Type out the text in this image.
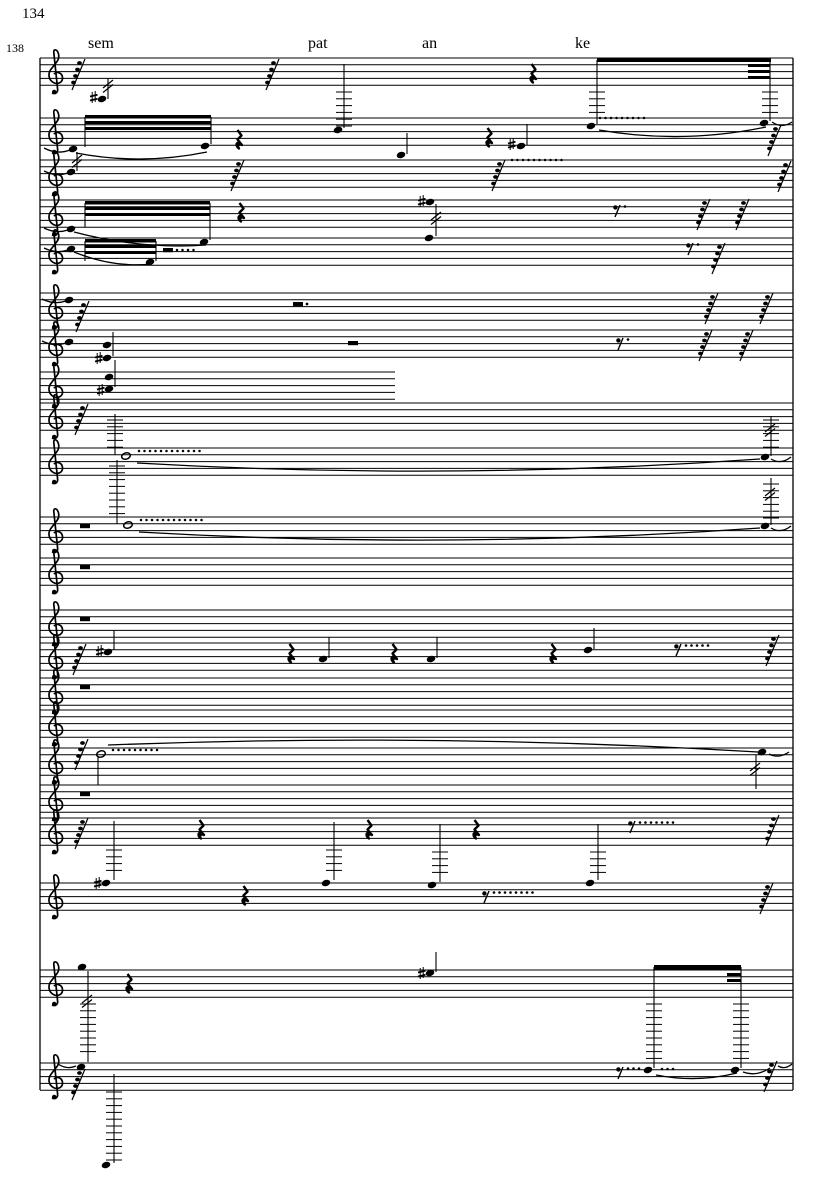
134
138	sem	pat	an	ke
